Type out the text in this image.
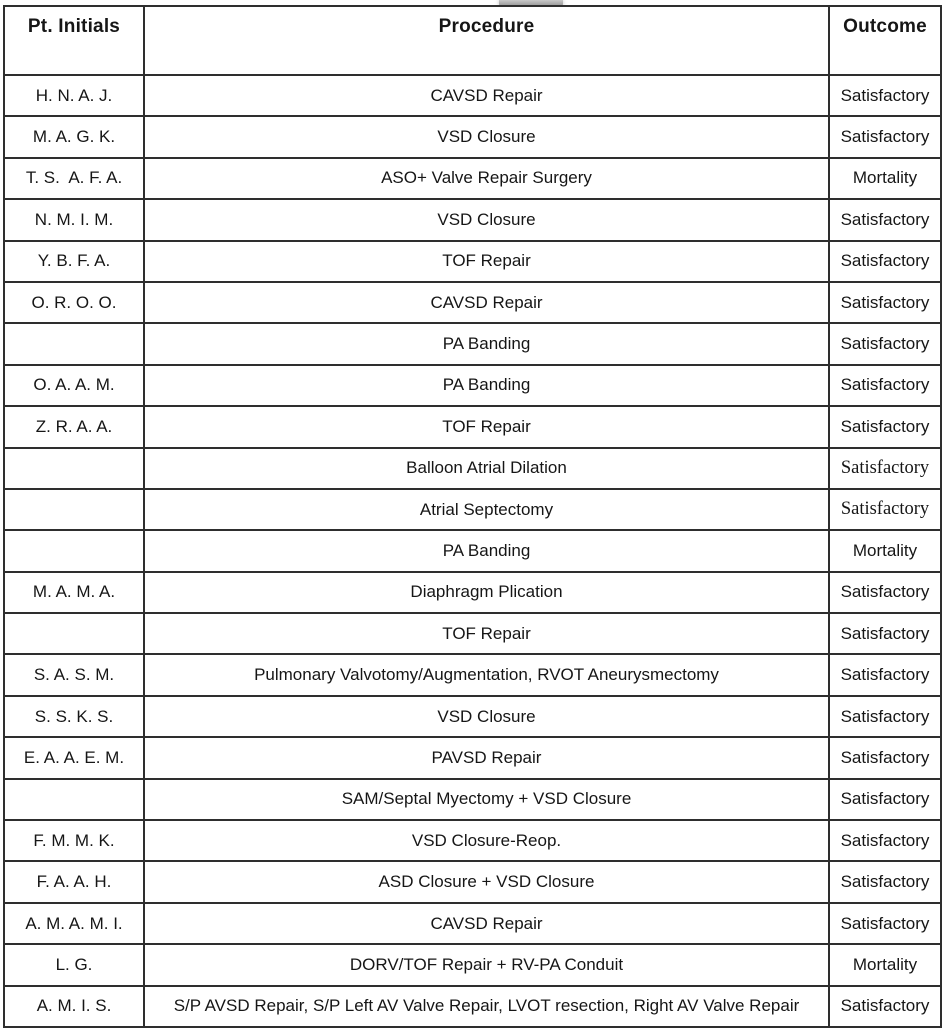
Pt. Initials	Procedure	Outcome
H. N. A. J.	CAVSD Repair	Satisfactory
M. A. G. K.	VSD Closure	Satisfactory
T. S.  A. F. A.	ASO+ Valve Repair Surgery	Mortality
N. M. I. M.	VSD Closure	Satisfactory
Y. B. F. A.	TOF Repair	Satisfactory
O. R. O. O.	CAVSD Repair	Satisfactory
	PA Banding	Satisfactory
O. A. A. M.	PA Banding	Satisfactory
Z. R. A. A.	TOF Repair	Satisfactory
	Balloon Atrial Dilation	Satisfactory
	Atrial Septectomy	Satisfactory
	PA Banding	Mortality
M. A. M. A.	Diaphragm Plication	Satisfactory
	TOF Repair	Satisfactory
S. A. S. M.	Pulmonary Valvotomy/Augmentation, RVOT Aneurysmectomy	Satisfactory
S. S. K. S.	VSD Closure	Satisfactory
E. A. A. E. M.	PAVSD Repair	Satisfactory
	SAM/Septal Myectomy + VSD Closure	Satisfactory
F. M. M. K.	VSD Closure-Reop.	Satisfactory
F. A. A. H.	ASD Closure + VSD Closure	Satisfactory
A. M. A. M. I.	CAVSD Repair	Satisfactory
L. G.	DORV/TOF Repair + RV-PA Conduit	Mortality
A. M. I. S.	S/P AVSD Repair, S/P Left AV Valve Repair, LVOT resection, Right AV Valve Repair	Satisfactory
